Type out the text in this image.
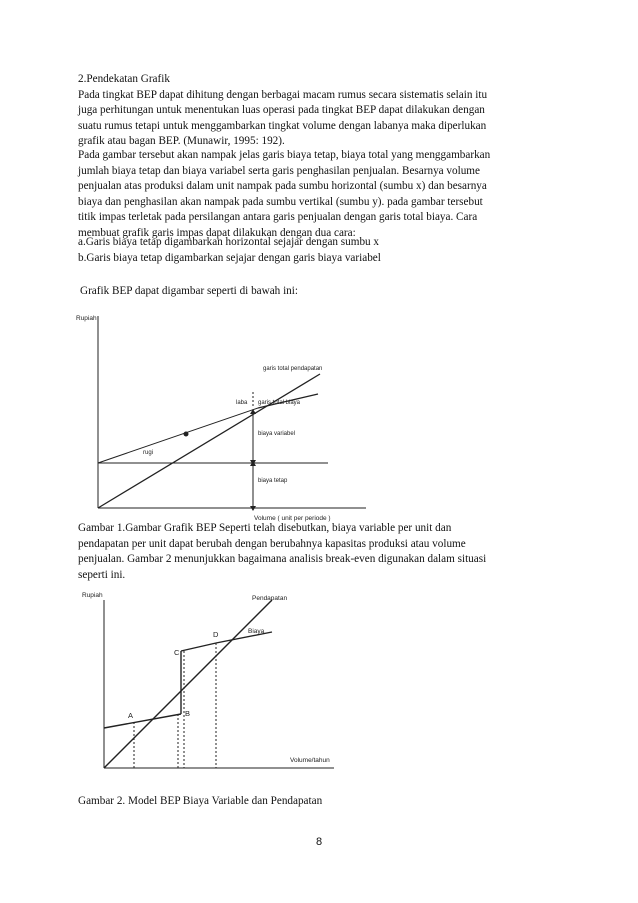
2.Pendekatan Grafik
Pada tingkat BEP dapat dihitung dengan berbagai macam rumus secara sistematis selain itu
juga perhitungan untuk menentukan luas operasi pada tingkat BEP dapat dilakukan dengan
suatu rumus tetapi untuk menggambarkan tingkat volume dengan labanya maka diperlukan
grafik atau bagan BEP. (Munawir, 1995: 192).
Pada gambar tersebut akan nampak jelas garis biaya tetap, biaya total yang menggambarkan
jumlah biaya tetap dan biaya variabel serta garis penghasilan penjualan. Besarnya volume
penjualan atas produksi dalam unit nampak pada sumbu horizontal (sumbu x) dan besarnya
biaya dan penghasilan akan nampak pada sumbu vertikal (sumbu y). pada gambar tersebut
titik impas terletak pada persilangan antara garis penjualan dengan garis total biaya. Cara
membuat grafik garis impas dapat dilakukan dengan dua cara:
a.Garis biaya tetap digambarkan horizontal sejajar dengan sumbu x
b.Garis biaya tetap digambarkan sejajar dengan garis biaya variabel
Grafik BEP dapat digambar seperti di bawah ini:
Rupiah
Volume ( unit per periode )
garis total pendapatan
laba garis total biaya
biaya variabel
rugi
biaya tetap
Gambar 1.Gambar Grafik BEP Seperti telah disebutkan, biaya variable per unit dan
pendapatan per unit dapat berubah dengan berubahnya kapasitas produksi atau volume
penjualan. Gambar 2 menunjukkan bagaimana analisis break-even digunakan dalam situasi
seperti ini.
Rupiah
Volume/tahun
Pendapatan
Biaya
A	B
C
D
Gambar 2. Model BEP Biaya Variable dan Pendapatan
8
